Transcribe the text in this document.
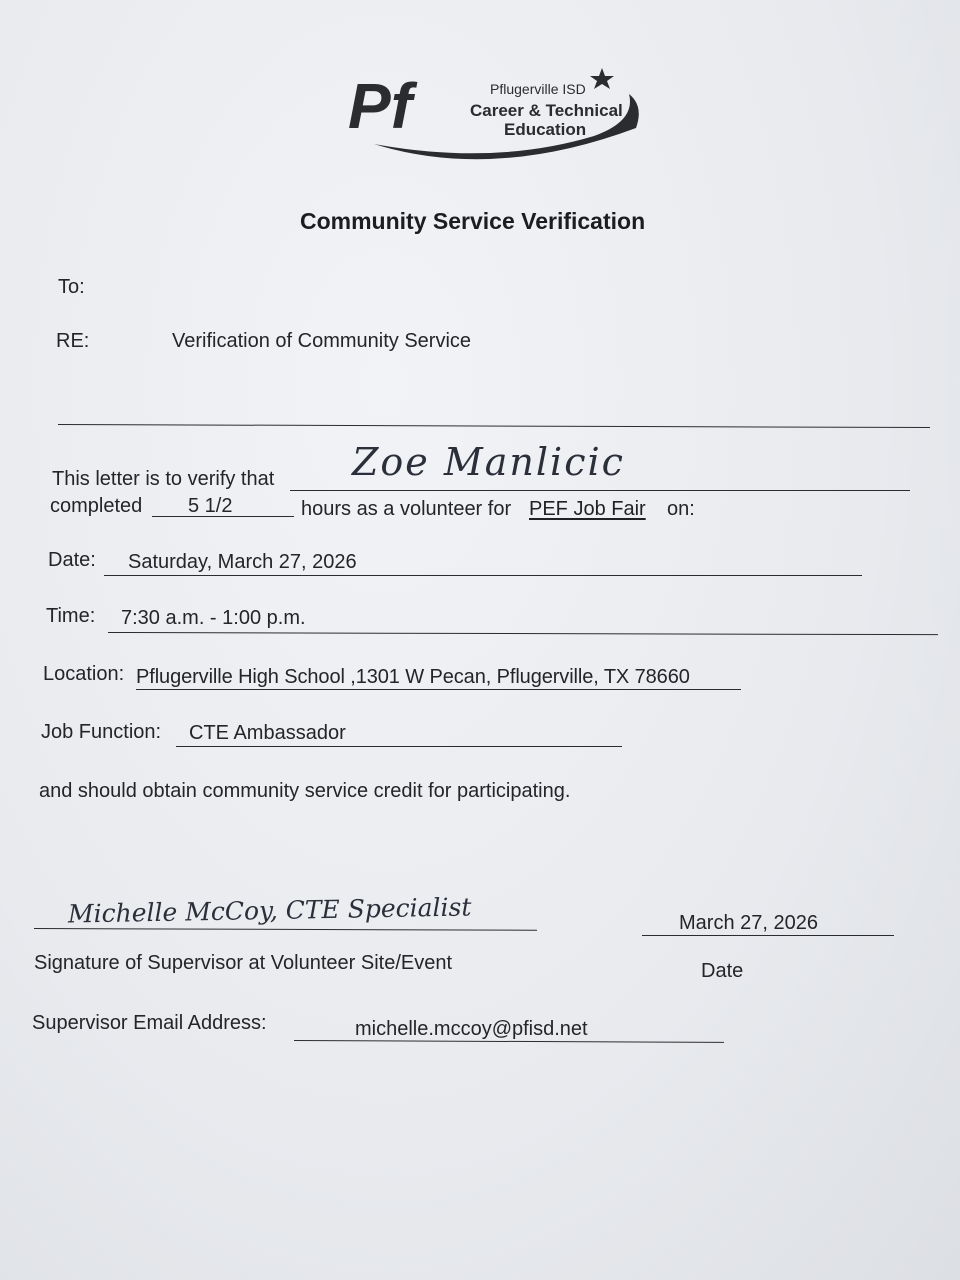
Pf	Pflugerville ISD
Career & Technical
Education
Community Service Verification
To:
RE:	Verification of Community Service
This letter is to verify that Zoe Manlicic
completed 5 1/2	hours as a volunteer for PEF Job Fair on:
Date: Saturday, March 27, 2026
Time: 7:30 a.m. - 1:00 p.m.
Location: Pflugerville High School ,1301 W Pecan, Pflugerville, TX 78660
Job Function: CTE Ambassador
and should obtain community service credit for participating.
Michelle McCoy, CTE Specialist
Signature of Supervisor at Volunteer Site/Event
March 27, 2026
Date
Supervisor Email Address:	michelle.mccoy@pfisd.net
